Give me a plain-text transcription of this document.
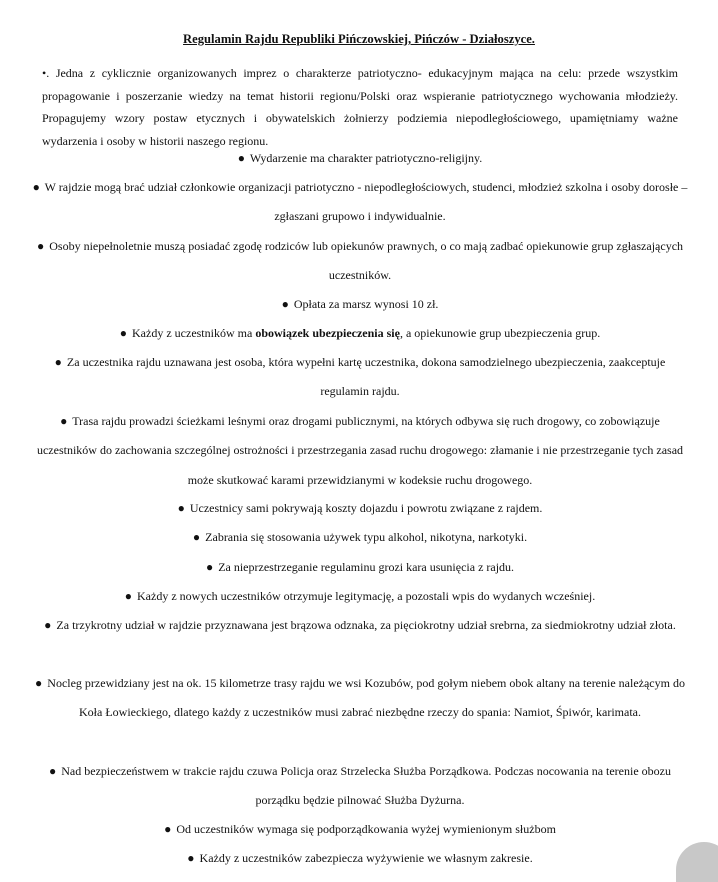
Regulamin Rajdu Republiki Pińczowskiej, Pińczów - Działoszyce.

•. Jedna z cyklicznie organizowanych imprez o charakterze patriotyczno- edukacyjnym mająca na celu: przede wszystkim propagowanie i poszerzanie wiedzy na temat historii regionu/Polski oraz wspieranie patriotycznego wychowania młodzieży. Propagujemy wzory postaw etycznych i obywatelskich żołnierzy podziemia niepodległościowego, upamiętniamy ważne wydarzenia i osoby w historii naszego regionu.

● Wydarzenie ma charakter patriotyczno-religijny.

● W rajdzie mogą brać udział członkowie organizacji patriotyczno - niepodległościowych, studenci, młodzież szkolna i osoby dorosłe – zgłaszani grupowo i indywidualnie.

● Osoby niepełnoletnie muszą posiadać zgodę rodziców lub opiekunów prawnych, o co mają zadbać opiekunowie grup zgłaszających uczestników.

● Opłata za marsz wynosi 10 zł.

● Każdy z uczestników ma obowiązek ubezpieczenia się, a opiekunowie grup ubezpieczenia grup.

● Za uczestnika rajdu uznawana jest osoba, która wypełni kartę uczestnika, dokona samodzielnego ubezpieczenia, zaakceptuje regulamin rajdu.

● Trasa rajdu prowadzi ścieżkami leśnymi oraz drogami publicznymi, na których odbywa się ruch drogowy, co zobowiązuje uczestników do zachowania szczególnej ostrożności i przestrzegania zasad ruchu drogowego: złamanie i nie przestrzeganie tych zasad może skutkować karami przewidzianymi w kodeksie ruchu drogowego.

● Uczestnicy sami pokrywają koszty dojazdu i powrotu związane z rajdem.

● Zabrania się stosowania używek typu alkohol, nikotyna, narkotyki.

● Za nieprzestrzeganie regulaminu grozi kara usunięcia z rajdu.

● Każdy z nowych uczestników otrzymuje legitymację, a pozostali wpis do wydanych wcześniej.

● Za trzykrotny udział w rajdzie przyznawana jest brązowa odznaka, za pięciokrotny udział srebrna, za siedmiokrotny udział złota.

● Nocleg przewidziany jest na ok. 15 kilometrze trasy rajdu we wsi Kozubów, pod gołym niebem obok altany na terenie należącym do Koła Łowieckiego, dlatego każdy z uczestników musi zabrać niezbędne rzeczy do spania: Namiot, Śpiwór, karimata.

● Nad bezpieczeństwem w trakcie rajdu czuwa Policja oraz Strzelecka Służba Porządkowa. Podczas nocowania na terenie obozu porządku będzie pilnować Służba Dyżurna.

● Od uczestników wymaga się podporządkowania wyżej wymienionym służbom

● Każdy z uczestników zabezpiecza wyżywienie we własnym zakresie.
